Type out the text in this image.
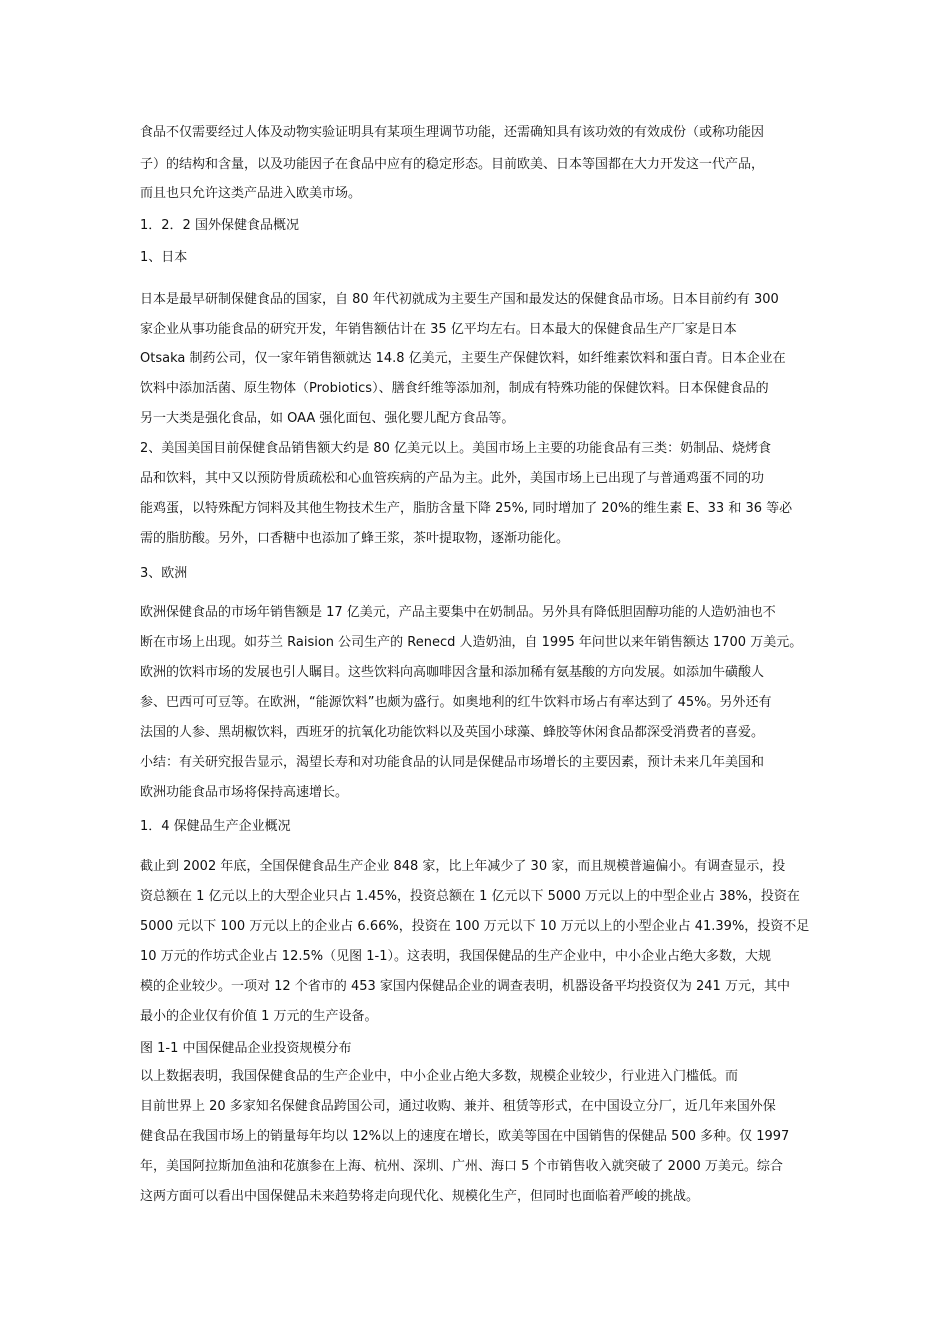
食品不仅需要经过人体及动物实验证明具有某项生理调节功能，还需确知具有该功效的有效成份（或称功能因
子）的结构和含量，以及功能因子在食品中应有的稳定形态。目前欧美、日本等国都在大力开发这一代产品，
而且也只允许这类产品进入欧美市场。
1．2．2 国外保健食品概况
1、日本
日本是最早研制保健食品的国家，自 80 年代初就成为主要生产国和最发达的保健食品市场。日本目前约有 300
家企业从事功能食品的研究开发，年销售额估计在 35 亿平均左右。日本最大的保健食品生产厂家是日本
Otsaka 制药公司，仅一家年销售额就达 14.8 亿美元，主要生产保健饮料，如纤维素饮料和蛋白青。日本企业在
饮料中添加活菌、原生物体（Probiotics）、膳食纤维等添加剂，制成有特殊功能的保健饮料。日本保健食品的
另一大类是强化食品，如 OAA 强化面包、强化婴儿配方食品等。
2、美国美国目前保健食品销售额大约是 80 亿美元以上。美国市场上主要的功能食品有三类：奶制品、烧烤食
品和饮料，其中又以预防骨质疏松和心血管疾病的产品为主。此外，美国市场上已出现了与普通鸡蛋不同的功
能鸡蛋，以特殊配方饲料及其他生物技术生产，脂肪含量下降 25%, 同时增加了 20%的维生素 E、33 和 36 等必
需的脂肪酸。另外，口香糖中也添加了蜂王浆，茶叶提取物，逐渐功能化。
3、欧洲
欧洲保健食品的市场年销售额是 17 亿美元，产品主要集中在奶制品。另外具有降低胆固醇功能的人造奶油也不
断在市场上出现。如芬兰 Raision 公司生产的 Renecd 人造奶油，自 1995 年问世以来年销售额达 1700 万美元。
欧洲的饮料市场的发展也引人瞩目。这些饮料向高咖啡因含量和添加稀有氨基酸的方向发展。如添加牛磺酸人
参、巴西可可豆等。在欧洲，“能源饮料”也颇为盛行。如奥地利的红牛饮料市场占有率达到了 45%。另外还有
法国的人参、黑胡椒饮料，西班牙的抗氧化功能饮料以及英国小球藻、蜂胶等休闲食品都深受消费者的喜爱。
小结：有关研究报告显示，渴望长寿和对功能食品的认同是保健品市场增长的主要因素，预计未来几年美国和
欧洲功能食品市场将保持高速增长。
1．4 保健品生产企业概况
截止到 2002 年底，全国保健食品生产企业 848 家，比上年减少了 30 家，而且规模普遍偏小。有调查显示，投
资总额在 1 亿元以上的大型企业只占 1.45%，投资总额在 1 亿元以下 5000 万元以上的中型企业占 38%，投资在
5000 元以下 100 万元以上的企业占 6.66%，投资在 100 万元以下 10 万元以上的小型企业占 41.39%，投资不足
10 万元的作坊式企业占 12.5%（见图 1-1）。这表明，我国保健品的生产企业中，中小企业占绝大多数，大规
模的企业较少。一项对 12 个省市的 453 家国内保健品企业的调查表明，机器设备平均投资仅为 241 万元，其中
最小的企业仅有价值 1 万元的生产设备。
图 1-1 中国保健品企业投资规模分布
以上数据表明，我国保健食品的生产企业中，中小企业占绝大多数，规模企业较少，行业进入门槛低。而
目前世界上 20 多家知名保健食品跨国公司，通过收购、兼并、租赁等形式，在中国设立分厂，近几年来国外保
健食品在我国市场上的销量每年均以 12%以上的速度在增长，欧美等国在中国销售的保健品 500 多种。仅 1997
年，美国阿拉斯加鱼油和花旗参在上海、杭州、深圳、广州、海口 5 个市销售收入就突破了 2000 万美元。综合
这两方面可以看出中国保健品未来趋势将走向现代化、规模化生产，但同时也面临着严峻的挑战。
